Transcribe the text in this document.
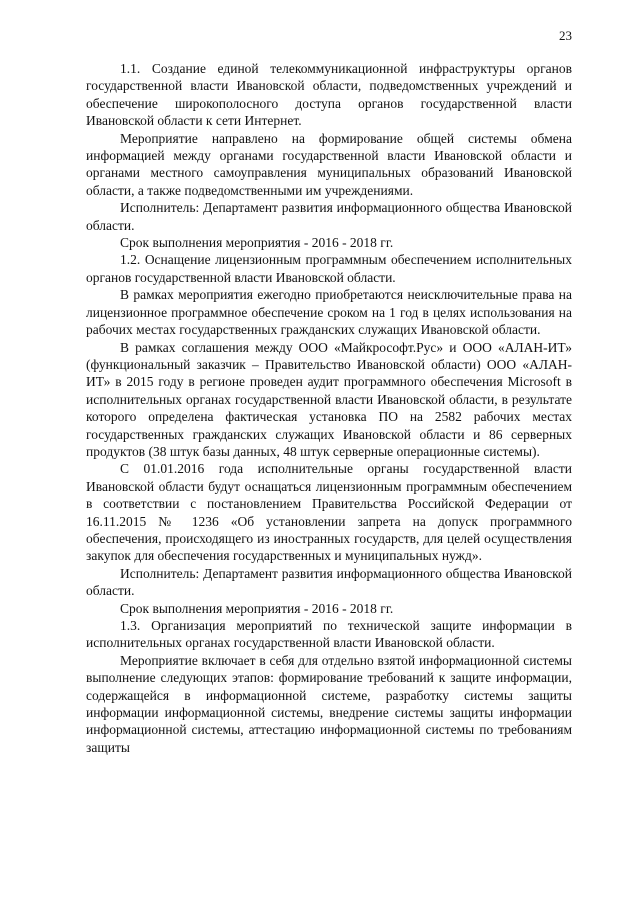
23

1.1. Создание единой телекоммуникационной инфраструктуры органов государственной власти Ивановской области, подведомственных учреждений и обеспечение широкополосного доступа органов государственной власти Ивановской области к сети Интернет.

Мероприятие направлено на формирование общей системы обмена информацией между органами государственной власти Ивановской области и органами местного самоуправления муниципальных образований Ивановской области, а также подведомственными им учреждениями.

Исполнитель: Департамент развития информационного общества Ивановской области.

Срок выполнения мероприятия - 2016 - 2018 гг.

1.2. Оснащение лицензионным программным обеспечением исполнительных органов государственной власти Ивановской области.

В рамках мероприятия ежегодно приобретаются неисключительные права на лицензионное программное обеспечение сроком на 1 год в целях использования на рабочих местах государственных гражданских служащих Ивановской области.

В рамках соглашения между ООО «Майкрософт.Рус» и ООО «АЛАН-ИТ» (функциональный заказчик – Правительство Ивановской области) ООО «АЛАН-ИТ» в 2015 году в регионе проведен аудит программного обеспечения Microsoft в исполнительных органах государственной власти Ивановской области, в результате которого определена фактическая установка ПО на 2582 рабочих местах государственных гражданских служащих Ивановской области и 86 серверных продуктов (38 штук базы данных, 48 штук серверные операционные системы).

С 01.01.2016 года исполнительные органы государственной власти Ивановской области будут оснащаться лицензионным программным обеспечением в соответствии с постановлением Правительства Российской Федерации от 16.11.2015 № 1236 «Об установлении запрета на допуск программного обеспечения, происходящего из иностранных государств, для целей осуществления закупок для обеспечения государственных и муниципальных нужд».

Исполнитель: Департамент развития информационного общества Ивановской области.

Срок выполнения мероприятия - 2016 - 2018 гг.

1.3. Организация мероприятий по технической защите информации в исполнительных органах государственной власти Ивановской области.

Мероприятие включает в себя для отдельно взятой информационной системы выполнение следующих этапов: формирование требований к защите информации, содержащейся в информационной системе, разработку системы защиты информации информационной системы, внедрение системы защиты информации информационной системы, аттестацию информационной системы по требованиям защиты
